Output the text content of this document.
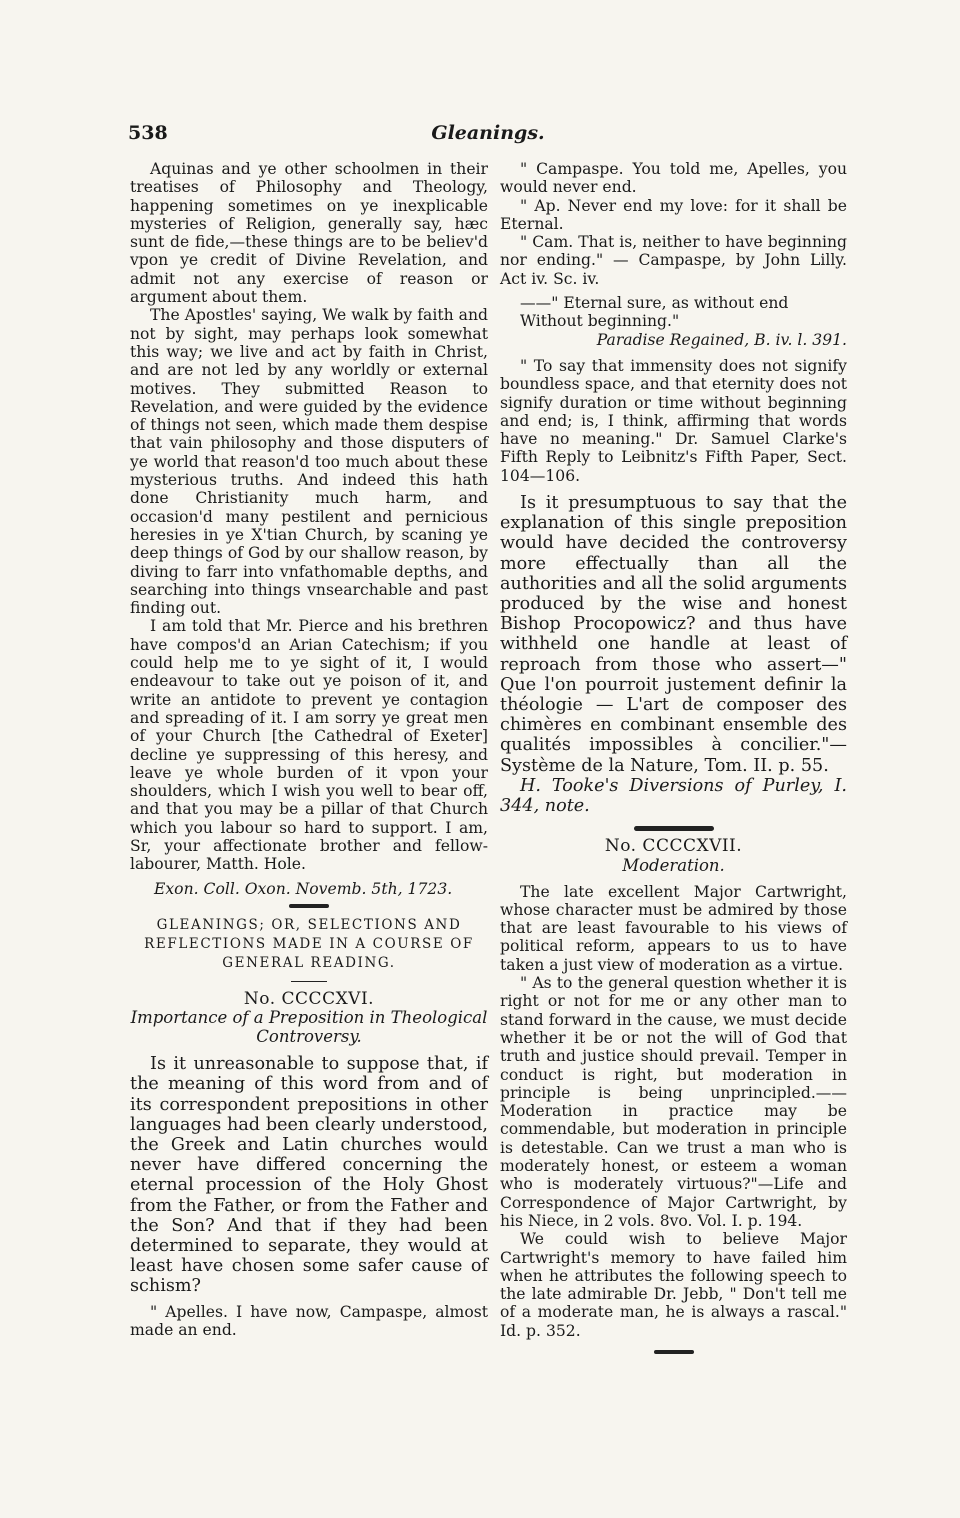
538	Gleanings.

Aquinas and ye other schoolmen in their treatises of Philosophy and Theology, happening sometimes on ye inexplicable mysteries of Religion, generally say, hæc sunt de fide,—these things are to be believ'd vpon ye credit of Divine Revelation, and admit not any exercise of reason or argument about them.

The Apostles' saying, We walk by faith and not by sight, may perhaps look somewhat this way; we live and act by faith in Christ, and are not led by any worldly or external motives. They submitted Reason to Revelation, and were guided by the evidence of things not seen, which made them despise that vain philosophy and those disputers of ye world that reason'd too much about these mysterious truths. And indeed this hath done Christianity much harm, and occasion'd many pestilent and pernicious heresies in ye X'tian Church, by scaning ye deep things of God by our shallow reason, by diving to farr into vnfathomable depths, and searching into things vnsearchable and past finding out.

I am told that Mr. Pierce and his brethren have compos'd an Arian Catechism; if you could help me to ye sight of it, I would endeavour to take out ye poison of it, and write an antidote to prevent ye contagion and spreading of it. I am sorry ye great men of your Church [the Cathedral of Exeter] decline ye suppressing of this heresy, and leave ye whole burden of it vpon your shoulders, which I wish you well to bear off, and that you may be a pillar of that Church which you labour so hard to support. I am, Sr, your affectionate brother and fellow-labourer, Matth. Hole.

Exon. Coll. Oxon. Novemb. 5th, 1723.

GLEANINGS; OR, SELECTIONS AND REFLECTIONS MADE IN A COURSE OF GENERAL READING.

No. CCCCXVI.

Importance of a Preposition in Theological Controversy.

Is it unreasonable to suppose that, if the meaning of this word from and of its correspondent prepositions in other languages had been clearly understood, the Greek and Latin churches would never have differed concerning the eternal procession of the Holy Ghost from the Father, or from the Father and the Son? And that if they had been determined to separate, they would at least have chosen some safer cause of schism?

" Apelles. I have now, Campaspe, almost made an end.

" Campaspe. You told me, Apelles, you would never end.

" Ap. Never end my love: for it shall be Eternal.

" Cam. That is, neither to have beginning nor ending." — Campaspe, by John Lilly. Act iv. Sc. iv.

——" Eternal sure, as without end

Without beginning."

Paradise Regained, B. iv. l. 391.

" To say that immensity does not signify boundless space, and that eternity does not signify duration or time without beginning and end; is, I think, affirming that words have no meaning." Dr. Samuel Clarke's Fifth Reply to Leibnitz's Fifth Paper, Sect. 104—106.

Is it presumptuous to say that the explanation of this single preposition would have decided the controversy more effectually than all the authorities and all the solid arguments produced by the wise and honest Bishop Procopowicz? and thus have withheld one handle at least of reproach from those who assert—" Que l'on pourroit justement definir la théologie — L'art de composer des chimères en combinant ensemble des qualités impossibles à concilier."—Système de la Nature, Tom. II. p. 55.

H. Tooke's Diversions of Purley, I. 344, note.

No. CCCCXVII.

Moderation.

The late excellent Major Cartwright, whose character must be admired by those that are least favourable to his views of political reform, appears to us to have taken a just view of moderation as a virtue.

" As to the general question whether it is right or not for me or any other man to stand forward in the cause, we must decide whether it be or not the will of God that truth and justice should prevail. Temper in conduct is right, but moderation in principle is being unprincipled.——Moderation in practice may be commendable, but moderation in principle is detestable. Can we trust a man who is moderately honest, or esteem a woman who is moderately virtuous?"—Life and Correspondence of Major Cartwright, by his Niece, in 2 vols. 8vo. Vol. I. p. 194.

We could wish to believe Major Cartwright's memory to have failed him when he attributes the following speech to the late admirable Dr. Jebb, " Don't tell me of a moderate man, he is always a rascal." Id. p. 352.
